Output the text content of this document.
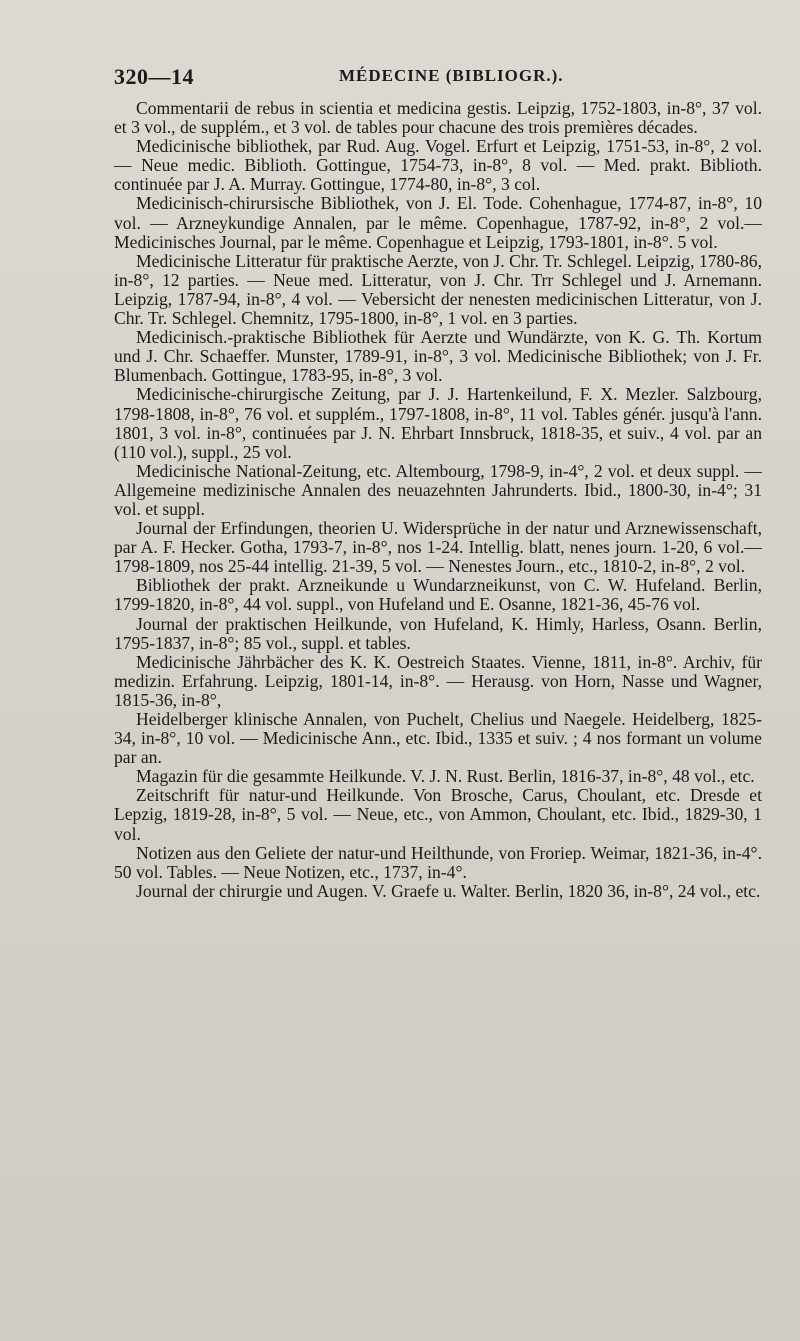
320—14	MÉDECINE (BIBLIOGR.).

Commentarii de rebus in scientia et medicina gestis. Leipzig, 1752-1803, in-8°, 37 vol. et 3 vol., de supplém., et 3 vol. de tables pour chacune des trois premières décades.

Medicinische bibliothek, par Rud. Aug. Vogel. Erfurt et Leipzig, 1751-53, in-8°, 2 vol. — Neue medic. Biblioth. Gottingue, 1754-73, in-8°, 8 vol. — Med. prakt. Biblioth. continuée par J. A. Murray. Gottingue, 1774-80, in-8°, 3 col.

Medicinisch-chirursische Bibliothek, von J. El. Tode. Cohenhague, 1774-87, in-8°, 10 vol. — Arzneykundige Annalen, par le même. Copenhague, 1787-92, in-8°, 2 vol.— Medicinisches Journal, par le même. Copenhague et Leipzig, 1793-1801, in-8°. 5 vol.

Medicinische Litteratur für praktische Aerzte, von J. Chr. Tr. Schlegel. Leipzig, 1780-86, in-8°, 12 parties. — Neue med. Litteratur, von J. Chr. Trr Schlegel und J. Arnemann. Leipzig, 1787-94, in-8°, 4 vol. — Vebersicht der nenesten medicinischen Litteratur, von J. Chr. Tr. Schlegel. Chemnitz, 1795-1800, in-8°, 1 vol. en 3 parties.

Medicinisch.-praktische Bibliothek für Aerzte und Wundärzte, von K. G. Th. Kortum und J. Chr. Schaeffer. Munster, 1789-91, in-8°, 3 vol. Medicinische Bibliothek; von J. Fr. Blumenbach. Gottingue, 1783-95, in-8°, 3 vol.

Medicinische-chirurgische Zeitung, par J. J. Hartenkeilund, F. X. Mezler. Salzbourg, 1798-1808, in-8°, 76 vol. et supplém., 1797-1808, in-8°, 11 vol. Tables génér. jusqu'à l'ann. 1801, 3 vol. in-8°, continuées par J. N. Ehrbart Innsbruck, 1818-35, et suiv., 4 vol. par an (110 vol.), suppl., 25 vol.

Medicinische National-Zeitung, etc. Altembourg, 1798-9, in-4°, 2 vol. et deux suppl. — Allgemeine medizinische Annalen des neuazehnten Jahrunderts. Ibid., 1800-30, in-4°; 31 vol. et suppl.

Journal der Erfindungen, theorien U. Widersprüche in der natur und Arznewissenschaft, par A. F. Hecker. Gotha, 1793-7, in-8°, nos 1-24. Intellig. blatt, nenes journ. 1-20, 6 vol.— 1798-1809, nos 25-44 intellig. 21-39, 5 vol. — Nenestes Journ., etc., 1810-2, in-8°, 2 vol.

Bibliothek der prakt. Arzneikunde u Wundarzneikunst, von C. W. Hufeland. Berlin, 1799-1820, in-8°, 44 vol. suppl., von Hufeland und E. Osanne, 1821-36, 45-76 vol.

Journal der praktischen Heilkunde, von Hufeland, K. Himly, Harless, Osann. Berlin, 1795-1837, in-8°; 85 vol., suppl. et tables.

Medicinische Jährbächer des K. K. Oestreich Staates. Vienne, 1811, in-8°. Archiv, für medizin. Erfahrung. Leipzig, 1801-14, in-8°. — Herausg. von Horn, Nasse und Wagner, 1815-36, in-8°,

Heidelberger klinische Annalen, von Puchelt, Chelius und Naegele. Heidelberg, 1825-34, in-8°, 10 vol. — Medicinische Ann., etc. Ibid., 1335 et suiv. ; 4 nos formant un volume par an.

Magazin für die gesammte Heilkunde. V. J. N. Rust. Berlin, 1816-37, in-8°, 48 vol., etc.

Zeitschrift für natur-und Heilkunde. Von Brosche, Carus, Choulant, etc. Dresde et Lepzig, 1819-28, in-8°, 5 vol. — Neue, etc., von Ammon, Choulant, etc. Ibid., 1829-30, 1 vol.

Notizen aus den Geliete der natur-und Heilthunde, von Froriep. Weimar, 1821-36, in-4°. 50 vol. Tables. — Neue Notizen, etc., 1737, in-4°.

Journal der chirurgie und Augen. V. Graefe u. Walter. Berlin, 1820 36, in-8°, 24 vol., etc.
